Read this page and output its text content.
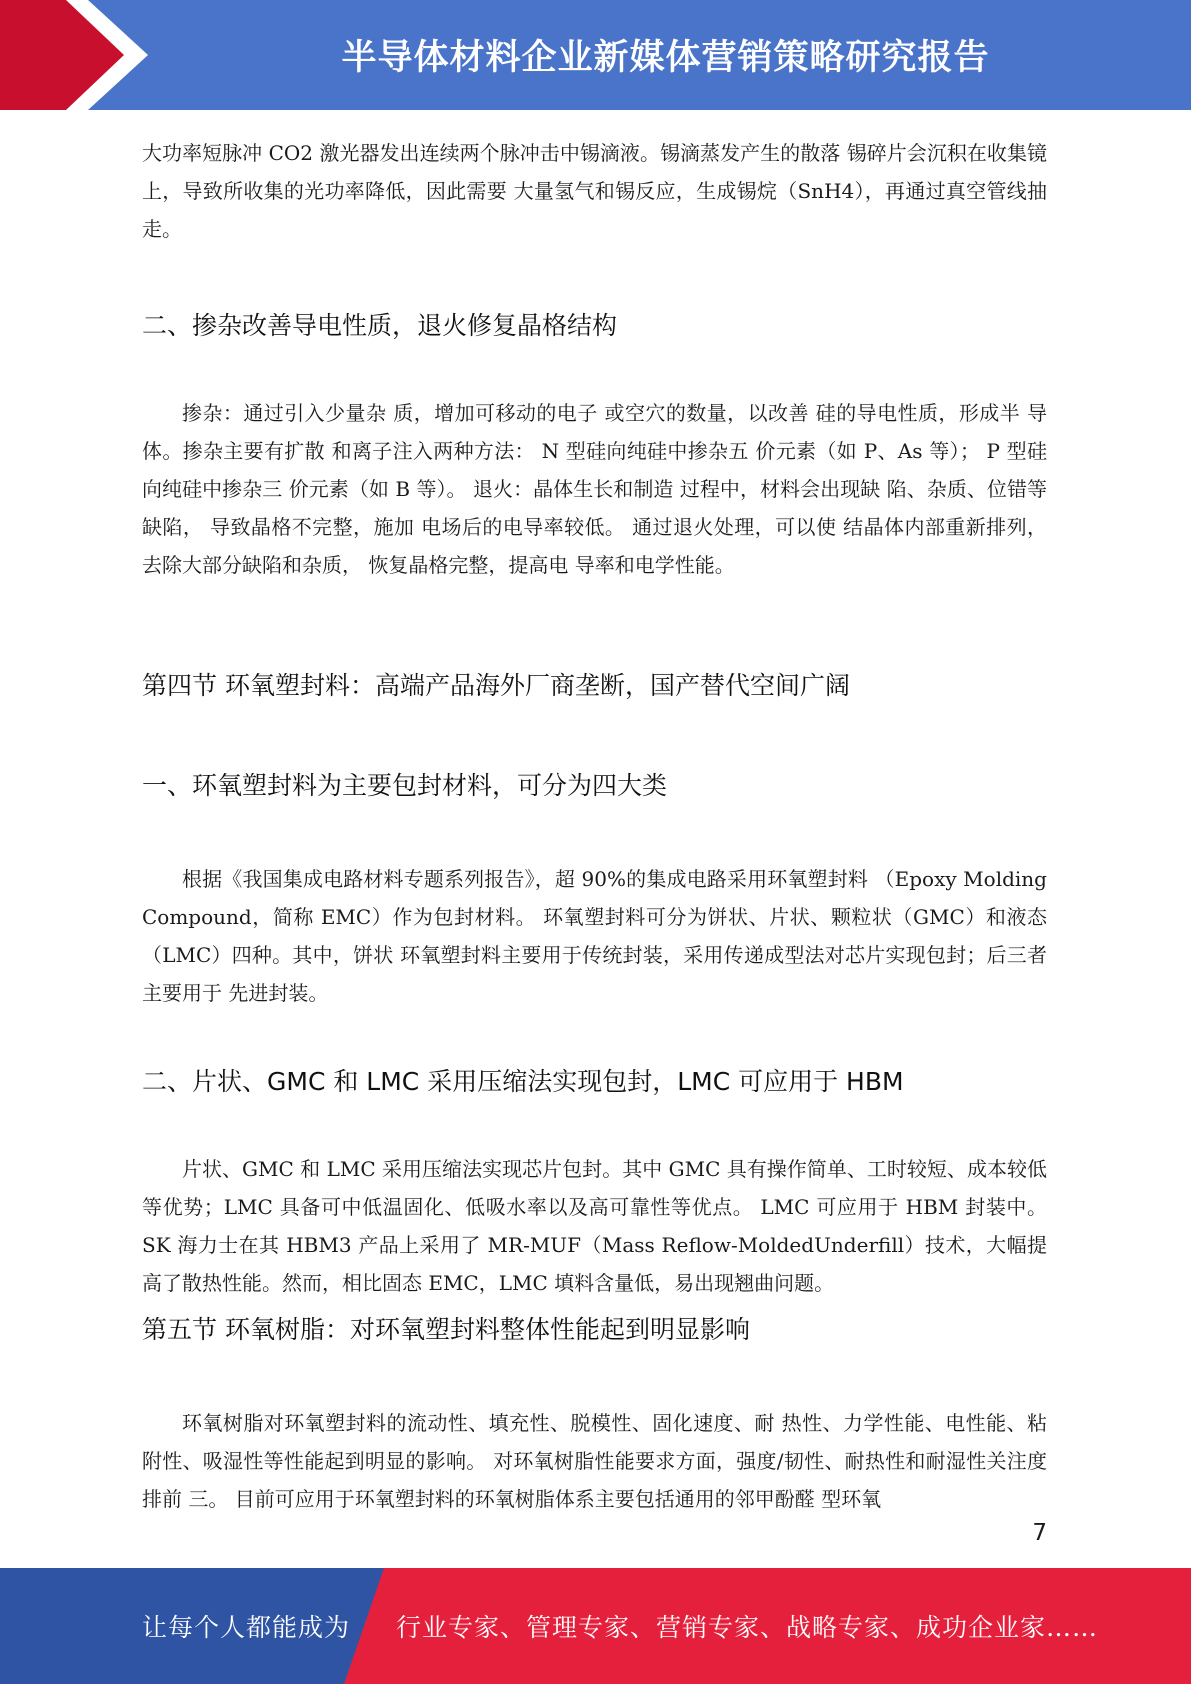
半导体材料企业新媒体营销策略研究报告

大功率短脉冲 CO2 激光器发出连续两个脉冲击中锡滴液。锡滴蒸发产生的散落 锡碎片会沉积在收集镜上，导致所收集的光功率降低，因此需要 大量氢气和锡反应，生成锡烷（SnH4），再通过真空管线抽走。

二、掺杂改善导电性质，退火修复晶格结构

掺杂：通过引入少量杂 质，增加可移动的电子 或空穴的数量，以改善 硅的导电性质，形成半 导体。掺杂主要有扩散 和离子注入两种方法： N 型硅向纯硅中掺杂五 价元素（如 P、As 等）； P 型硅向纯硅中掺杂三 价元素（如 B 等）。 退火：晶体生长和制造 过程中，材料会出现缺 陷、杂质、位错等缺陷， 导致晶格不完整，施加 电场后的电导率较低。 通过退火处理，可以使 结晶体内部重新排列， 去除大部分缺陷和杂质， 恢复晶格完整，提高电 导率和电学性能。

第四节 环氧塑封料：高端产品海外厂商垄断，国产替代空间广阔
一、环氧塑封料为主要包封材料，可分为四大类

根据《我国集成电路材料专题系列报告》，超 90%的集成电路采用环氧塑封料 （Epoxy Molding Compound，简称 EMC）作为包封材料。 环氧塑封料可分为饼状、片状、颗粒状（GMC）和液态（LMC）四种。其中，饼状 环氧塑封料主要用于传统封装，采用传递成型法对芯片实现包封；后三者主要用于 先进封装。

二、片状、GMC 和 LMC 采用压缩法实现包封，LMC 可应用于 HBM

片状、GMC 和 LMC 采用压缩法实现芯片包封。其中 GMC 具有操作简单、工时较短、成本较低等优势；LMC 具备可中低温固化、低吸水率以及高可靠性等优点。 LMC 可应用于 HBM 封装中。SK 海力士在其 HBM3 产品上采用了 MR-MUF（Mass Reflow-MoldedUnderfill）技术，大幅提高了散热性能。然而，相比固态 EMC，LMC 填料含量低，易出现翘曲问题。

第五节 环氧树脂：对环氧塑封料整体性能起到明显影响

环氧树脂对环氧塑封料的流动性、填充性、脱模性、固化速度、耐 热性、力学性能、电性能、粘附性、吸湿性等性能起到明显的影响。 对环氧树脂性能要求方面，强度/韧性、耐热性和耐湿性关注度排前 三。 目前可应用于环氧塑封料的环氧树脂体系主要包括通用的邻甲酚醛 型环氧

7
让每个人都能成为 行业专家、管理专家、营销专家、战略专家、成功企业家……
